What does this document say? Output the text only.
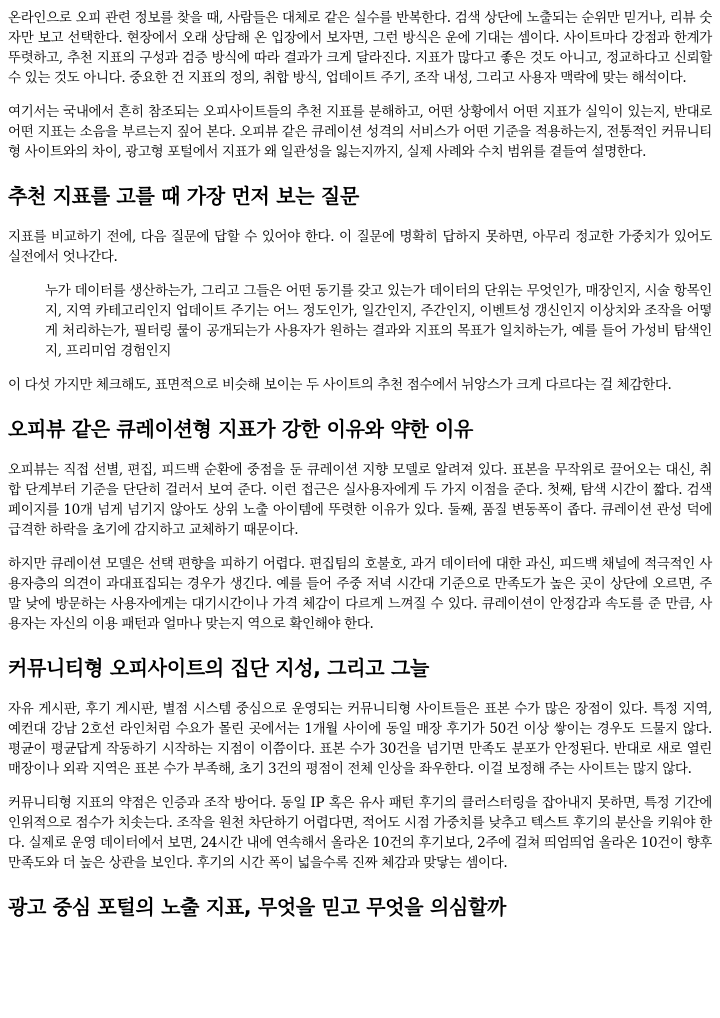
온라인으로 오피 관련 정보를 찾을 때, 사람들은 대체로 같은 실수를 반복한다. 검색 상단에 노출되는 순위만 믿거나, 리뷰 숫자만 보고 선택한다. 현장에서 오래 상담해 온 입장에서 보자면, 그런 방식은 운에 기대는 셈이다. 사이트마다 강점과 한계가 뚜렷하고, 추천 지표의 구성과 검증 방식에 따라 결과가 크게 달라진다. 지표가 많다고 좋은 것도 아니고, 정교하다고 신뢰할 수 있는 것도 아니다. 중요한 건 지표의 정의, 취합 방식, 업데이트 주기, 조작 내성, 그리고 사용자 맥락에 맞는 해석이다.

여기서는 국내에서 흔히 참조되는 오피사이트들의 추천 지표를 분해하고, 어떤 상황에서 어떤 지표가 실익이 있는지, 반대로 어떤 지표는 소음을 부르는지 짚어 본다. 오피뷰 같은 큐레이션 성격의 서비스가 어떤 기준을 적용하는지, 전통적인 커뮤니티형 사이트와의 차이, 광고형 포털에서 지표가 왜 일관성을 잃는지까지, 실제 사례와 수치 범위를 곁들여 설명한다.

추천 지표를 고를 때 가장 먼저 보는 질문

지표를 비교하기 전에, 다음 질문에 답할 수 있어야 한다. 이 질문에 명확히 답하지 못하면, 아무리 정교한 가중치가 있어도 실전에서 엇나간다.

누가 데이터를 생산하는가, 그리고 그들은 어떤 동기를 갖고 있는가 데이터의 단위는 무엇인가, 매장인지, 시술 항목인지, 지역 카테고리인지 업데이트 주기는 어느 정도인가, 일간인지, 주간인지, 이벤트성 갱신인지 이상치와 조작을 어떻게 처리하는가, 필터링 룰이 공개되는가 사용자가 원하는 결과와 지표의 목표가 일치하는가, 예를 들어 가성비 탐색인지, 프리미엄 경험인지

이 다섯 가지만 체크해도, 표면적으로 비슷해 보이는 두 사이트의 추천 점수에서 뉘앙스가 크게 다르다는 걸 체감한다.

오피뷰 같은 큐레이션형 지표가 강한 이유와 약한 이유

오피뷰는 직접 선별, 편집, 피드백 순환에 중점을 둔 큐레이션 지향 모델로 알려져 있다. 표본을 무작위로 끌어오는 대신, 취합 단계부터 기준을 단단히 걸러서 보여 준다. 이런 접근은 실사용자에게 두 가지 이점을 준다. 첫째, 탐색 시간이 짧다. 검색 페이지를 10개 넘게 넘기지 않아도 상위 노출 아이템에 뚜렷한 이유가 있다. 둘째, 품질 변동폭이 좁다. 큐레이션 관성 덕에 급격한 하락을 초기에 감지하고 교체하기 때문이다.

하지만 큐레이션 모델은 선택 편향을 피하기 어렵다. 편집팀의 호불호, 과거 데이터에 대한 과신, 피드백 채널에 적극적인 사용자층의 의견이 과대표집되는 경우가 생긴다. 예를 들어 주중 저녁 시간대 기준으로 만족도가 높은 곳이 상단에 오르면, 주말 낮에 방문하는 사용자에게는 대기시간이나 가격 체감이 다르게 느껴질 수 있다. 큐레이션이 안정감과 속도를 준 만큼, 사용자는 자신의 이용 패턴과 얼마나 맞는지 역으로 확인해야 한다.

커뮤니티형 오피사이트의 집단 지성, 그리고 그늘

자유 게시판, 후기 게시판, 별점 시스템 중심으로 운영되는 커뮤니티형 사이트들은 표본 수가 많은 장점이 있다. 특정 지역, 예컨대 강남 2호선 라인처럼 수요가 몰린 곳에서는 1개월 사이에 동일 매장 후기가 50건 이상 쌓이는 경우도 드물지 않다. 평균이 평균답게 작동하기 시작하는 지점이 이쯤이다. 표본 수가 30건을 넘기면 만족도 분포가 안정된다. 반대로 새로 열린 매장이나 외곽 지역은 표본 수가 부족해, 초기 3건의 평점이 전체 인상을 좌우한다. 이걸 보정해 주는 사이트는 많지 않다.

커뮤니티형 지표의 약점은 인증과 조작 방어다. 동일 IP 혹은 유사 패턴 후기의 클러스터링을 잡아내지 못하면, 특정 기간에 인위적으로 점수가 치솟는다. 조작을 원천 차단하기 어렵다면, 적어도 시점 가중치를 낮추고 텍스트 후기의 분산을 키워야 한다. 실제로 운영 데이터에서 보면, 24시간 내에 연속해서 올라온 10건의 후기보다, 2주에 걸쳐 띄엄띄엄 올라온 10건이 향후 만족도와 더 높은 상관을 보인다. 후기의 시간 폭이 넓을수록 진짜 체감과 맞닿는 셈이다.

광고 중심 포털의 노출 지표, 무엇을 믿고 무엇을 의심할까
